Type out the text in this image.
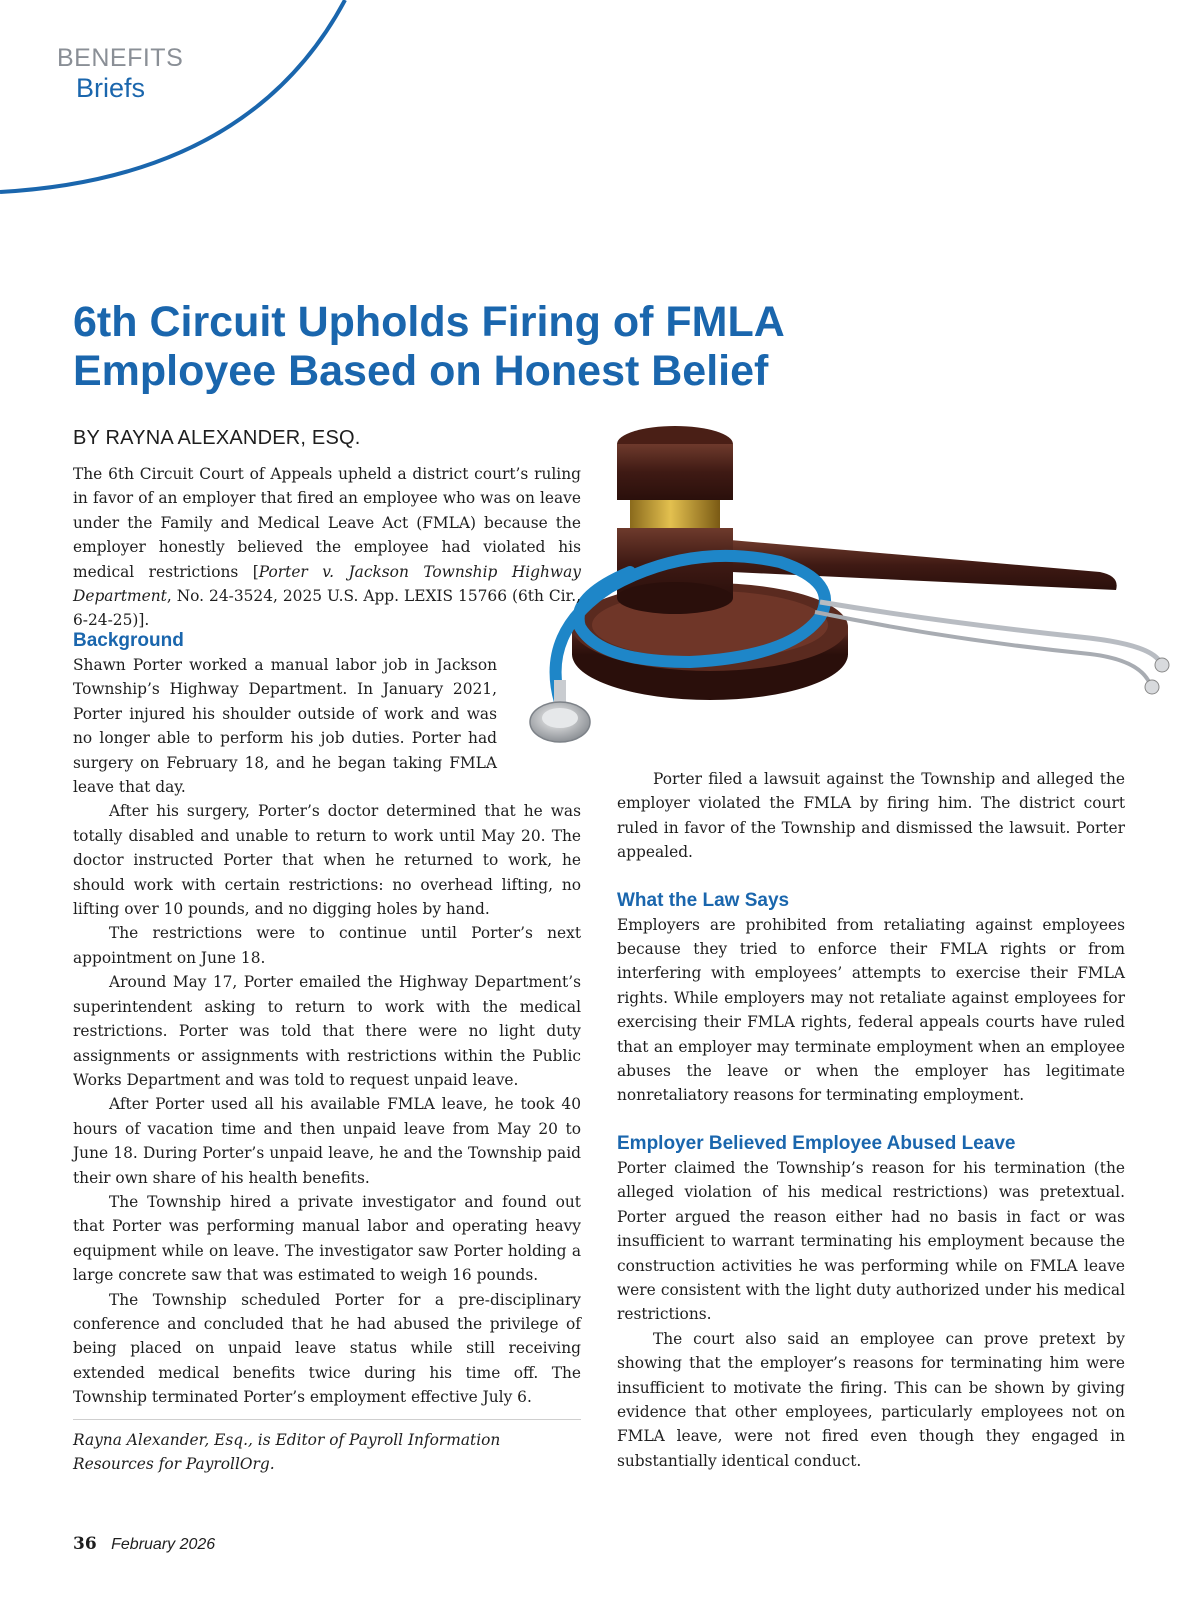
BENEFITS
Briefs
6th Circuit Upholds Firing of FMLA
Employee Based on Honest Belief
BY RAYNA ALEXANDER, ESQ.

The 6th Circuit Court of Appeals upheld a district court’s ruling in favor of an employer that fired an employee who was on leave under the Family and Medical Leave Act (FMLA) because the employer honestly believed the employee had violated his medical restrictions [Porter v. Jackson Township Highway Department, No. 24-3524, 2025 U.S. App. LEXIS 15766 (6th Cir., 6-24-25)].

Background

Shawn Porter worked a manual labor job in Jackson Township’s Highway Department. In January 2021, Porter injured his shoulder outside of work and was no longer able to perform his job duties. Porter had surgery on February 18, and he began taking FMLA leave that day.

After his surgery, Porter’s doctor determined that he was totally disabled and unable to return to work until May 20. The doctor instructed Porter that when he returned to work, he should work with certain restrictions: no overhead lifting, no lifting over 10 pounds, and no digging holes by hand.

The restrictions were to continue until Porter’s next appointment on June 18.

Around May 17, Porter emailed the Highway Department’s superintendent asking to return to work with the medical restrictions. Porter was told that there were no light duty assignments or assignments with restrictions within the Public Works Department and was told to request unpaid leave.

After Porter used all his available FMLA leave, he took 40 hours of vacation time and then unpaid leave from May 20 to June 18. During Porter’s unpaid leave, he and the Township paid their own share of his health benefits.

The Township hired a private investigator and found out that Porter was performing manual labor and operating heavy equipment while on leave. The investigator saw Porter holding a large concrete saw that was estimated to weigh 16 pounds.

The Township scheduled Porter for a pre-disciplinary conference and concluded that he had abused the privilege of being placed on unpaid leave status while still receiving extended medical benefits twice during his time off. The Township terminated Porter’s employment effective July 6.

Rayna Alexander, Esq., is Editor of Payroll Information Resources for PayrollOrg.

Porter filed a lawsuit against the Township and alleged the employer violated the FMLA by firing him. The district court ruled in favor of the Township and dismissed the lawsuit. Porter appealed.

What the Law Says

Employers are prohibited from retaliating against employees because they tried to enforce their FMLA rights or from interfering with employees’ attempts to exercise their FMLA rights. While employers may not retaliate against employees for exercising their FMLA rights, federal appeals courts have ruled that an employer may terminate employment when an employee abuses the leave or when the employer has legitimate nonretaliatory reasons for terminating employment.

Employer Believed Employee Abused Leave

Porter claimed the Township’s reason for his termination (the alleged violation of his medical restrictions) was pretextual. Porter argued the reason either had no basis in fact or was insufficient to warrant terminating his employment because the construction activities he was performing while on FMLA leave were consistent with the light duty authorized under his medical restrictions.

The court also said an employee can prove pretext by showing that the employer’s reasons for terminating him were insufficient to motivate the firing. This can be shown by giving evidence that other employees, particularly employees not on FMLA leave, were not fired even though they engaged in substantially identical conduct.

36 February 2026
